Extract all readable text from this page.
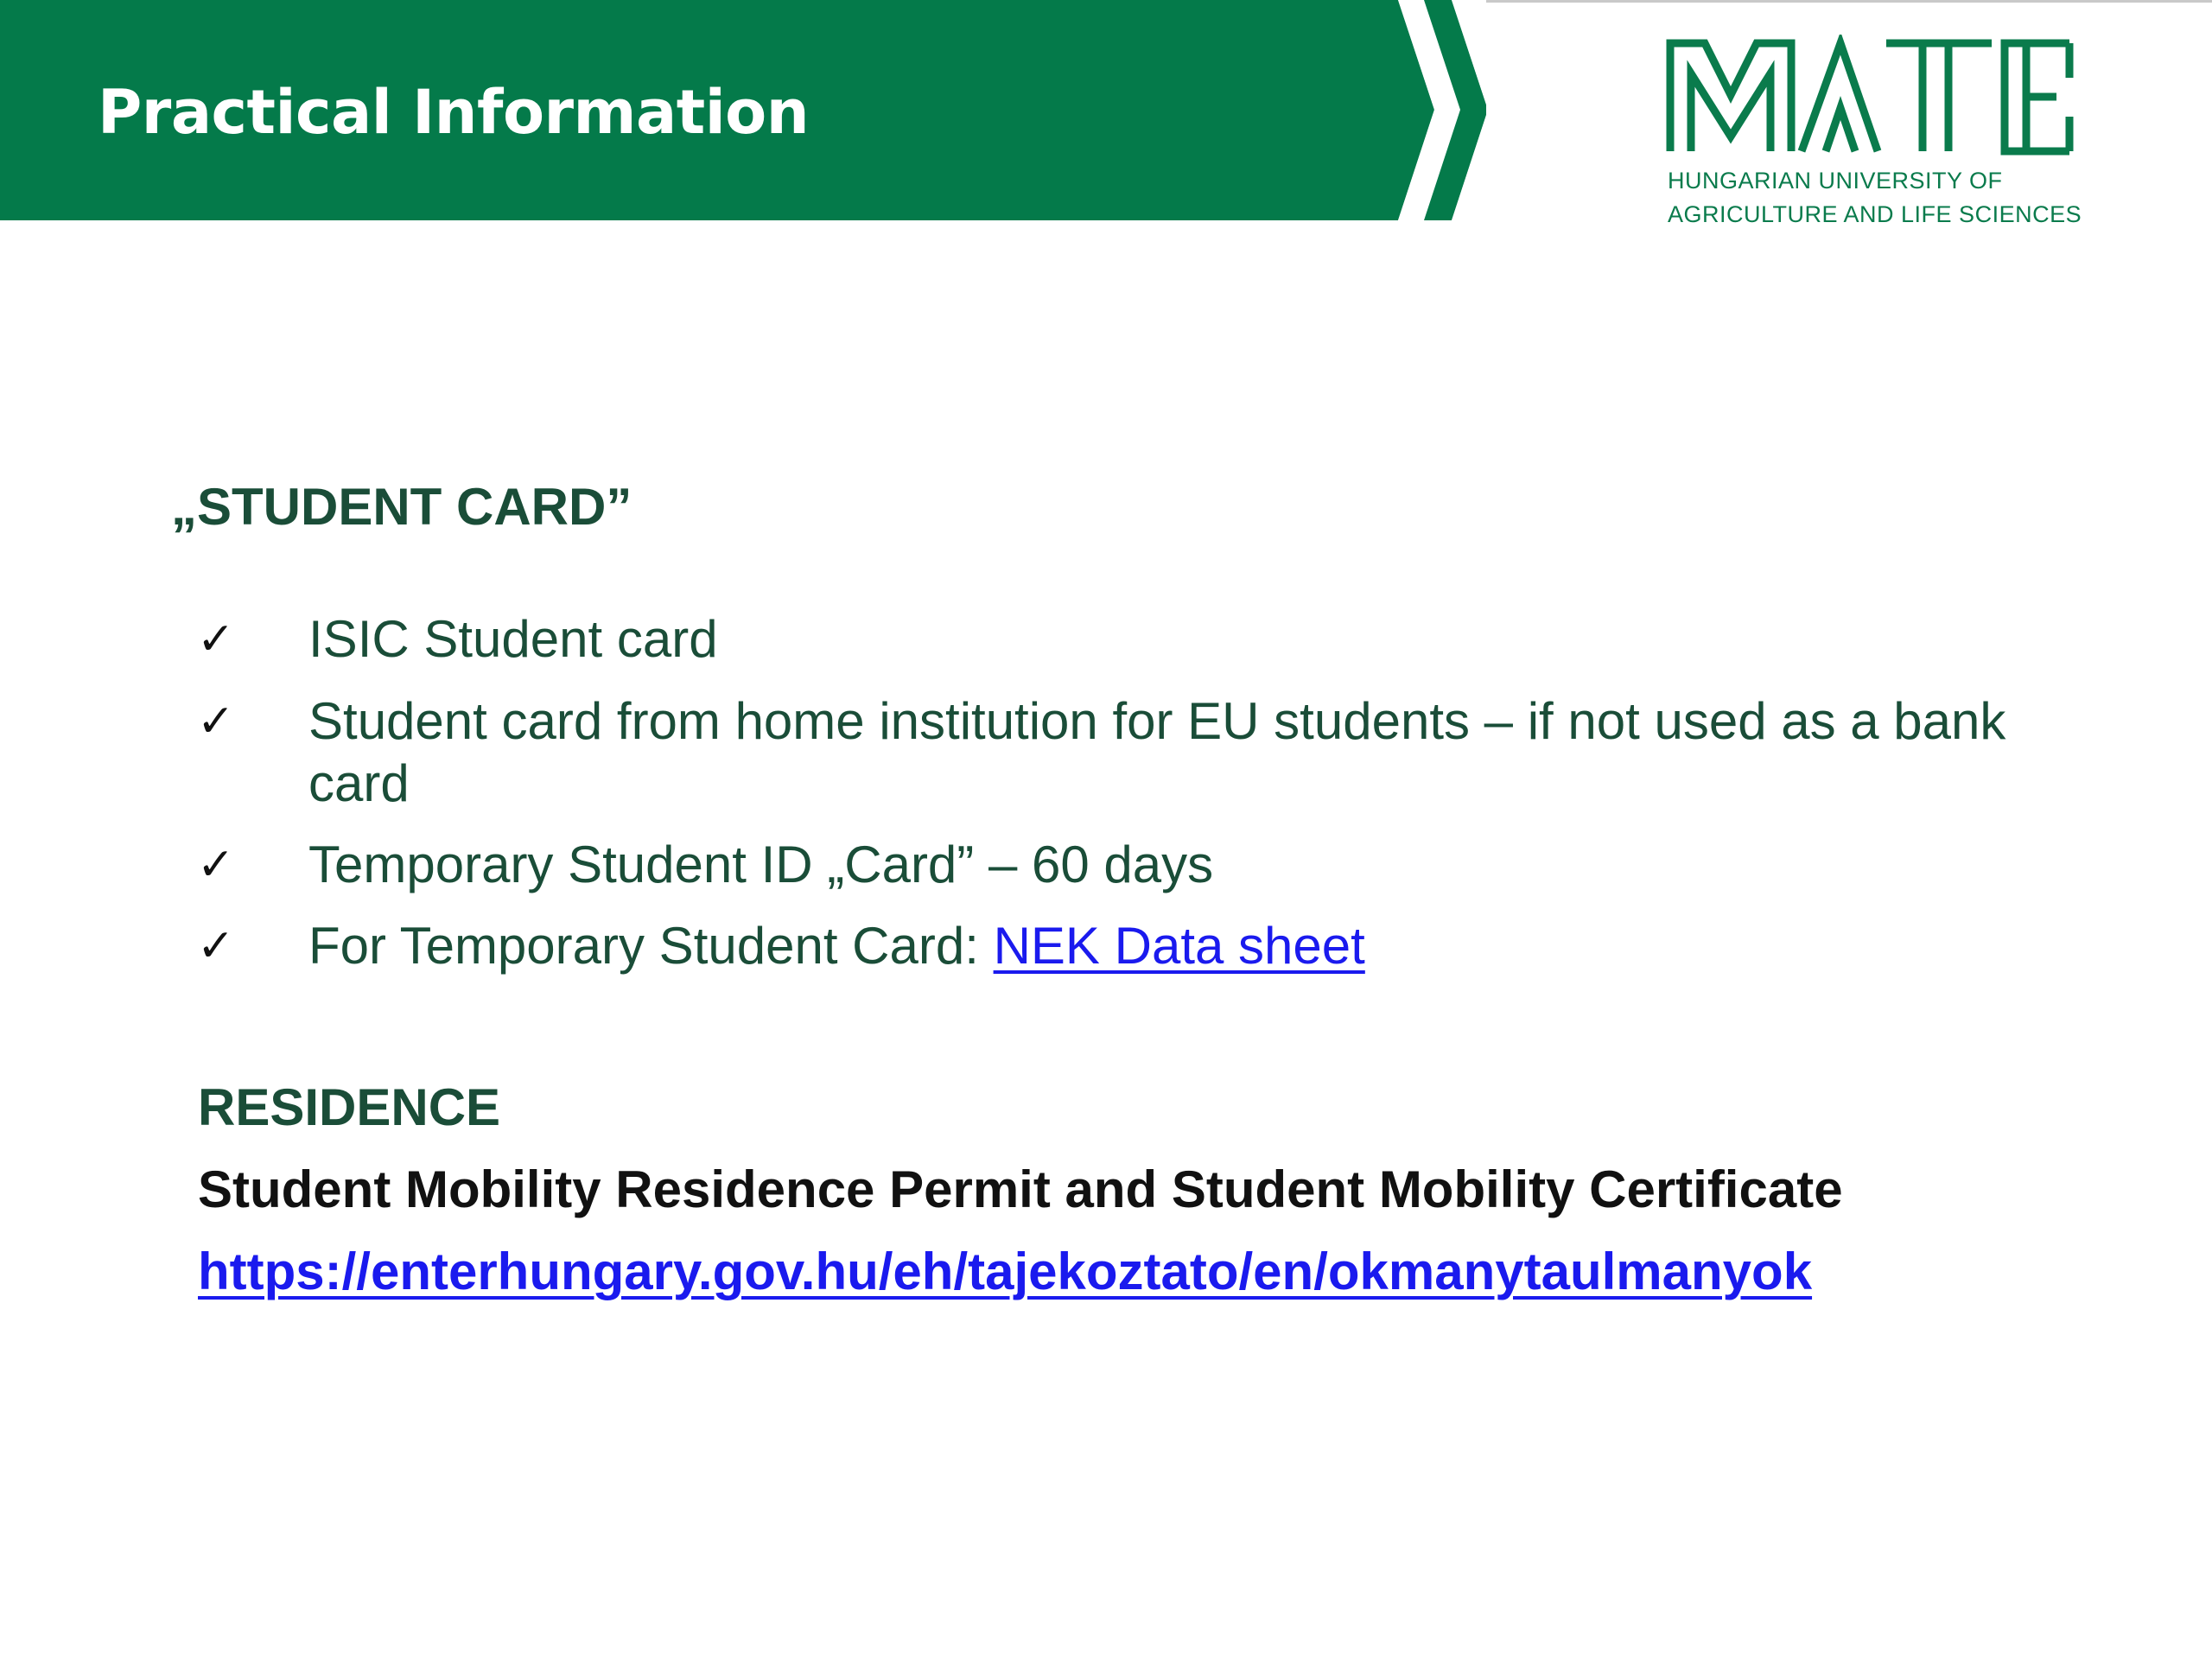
Practical Information
HUNGARIAN UNIVERSITY OF
AGRICULTURE AND LIFE SCIENCES
„STUDENT CARD”
✓ ISIC Student card
✓ Student card from home institution for EU students – if not used as a bank card
✓ Temporary Student ID „Card” – 60 days
✓ For Temporary Student Card: NEK Data sheet
RESIDENCE
Student Mobility Residence Permit and Student Mobility Certificate
https://enterhungary.gov.hu/eh/tajekoztato/en/okmanytaulmanyok
